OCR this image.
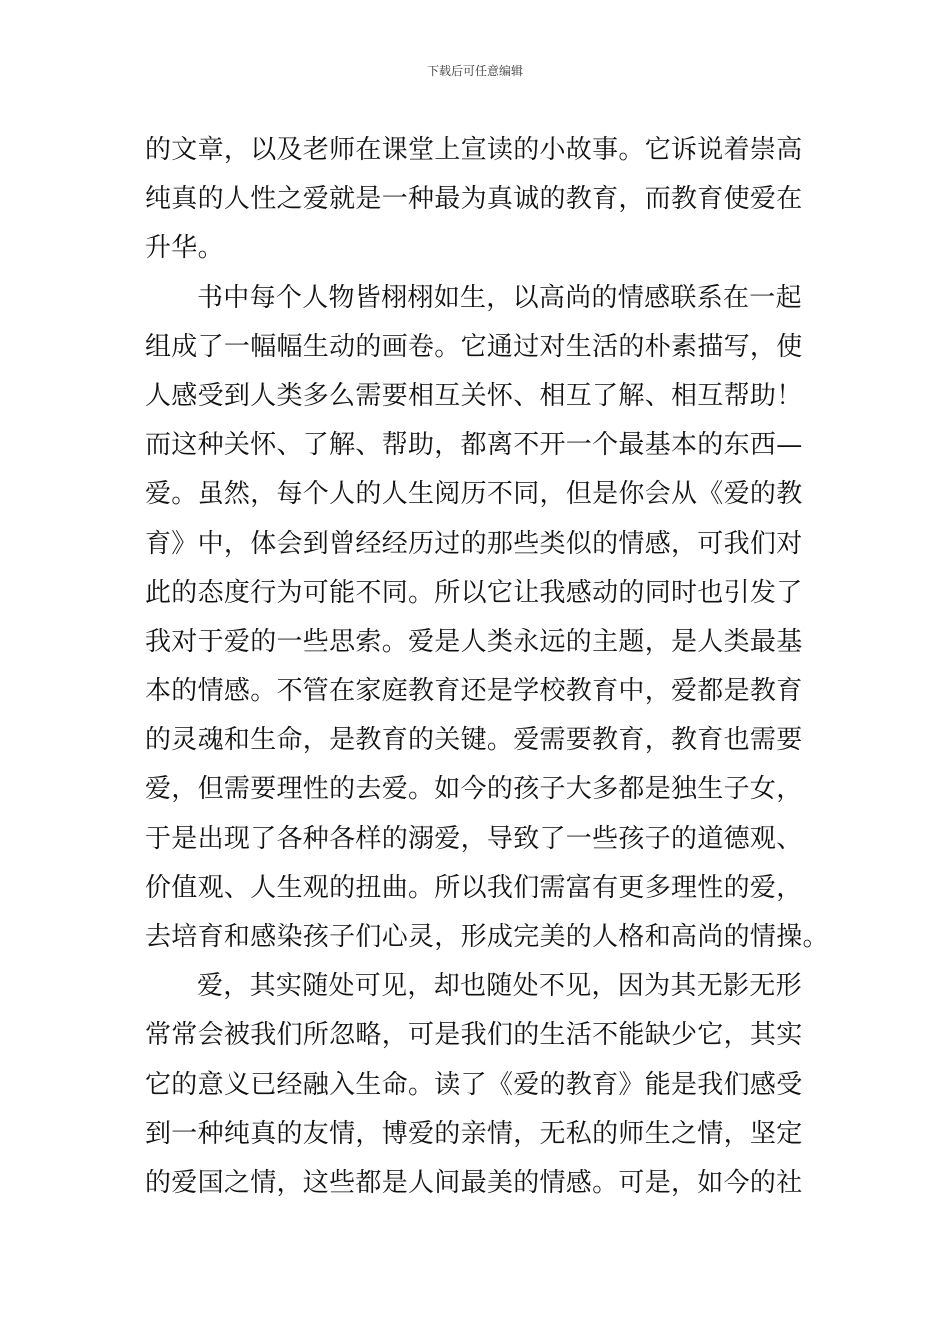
下载后可任意编辑
的文章，以及老师在课堂上宣读的小故事。它诉说着崇高
纯真的人性之爱就是一种最为真诚的教育，而教育使爱在
升华。
书中每个人物皆栩栩如生，以高尚的情感联系在一起
组成了一幅幅生动的画卷。它通过对生活的朴素描写，使
人感受到人类多么需要相互关怀、相互了解、相互帮助！
而这种关怀、了解、帮助，都离不开一个最基本的东西—
爱。虽然，每个人的人生阅历不同，但是你会从《爱的教
育》中，体会到曾经经历过的那些类似的情感，可我们对
此的态度行为可能不同。所以它让我感动的同时也引发了
我对于爱的一些思索。爱是人类永远的主题，是人类最基
本的情感。不管在家庭教育还是学校教育中，爱都是教育
的灵魂和生命，是教育的关键。爱需要教育，教育也需要
爱，但需要理性的去爱。如今的孩子大多都是独生子女，
于是出现了各种各样的溺爱，导致了一些孩子的道德观、
价值观、人生观的扭曲。所以我们需富有更多理性的爱，
去培育和感染孩子们心灵，形成完美的人格和高尚的情操。
爱，其实随处可见，却也随处不见，因为其无影无形
常常会被我们所忽略，可是我们的生活不能缺少它，其实
它的意义已经融入生命。读了《爱的教育》能是我们感受
到一种纯真的友情，博爱的亲情，无私的师生之情，坚定
的爱国之情，这些都是人间最美的情感。可是，如今的社
